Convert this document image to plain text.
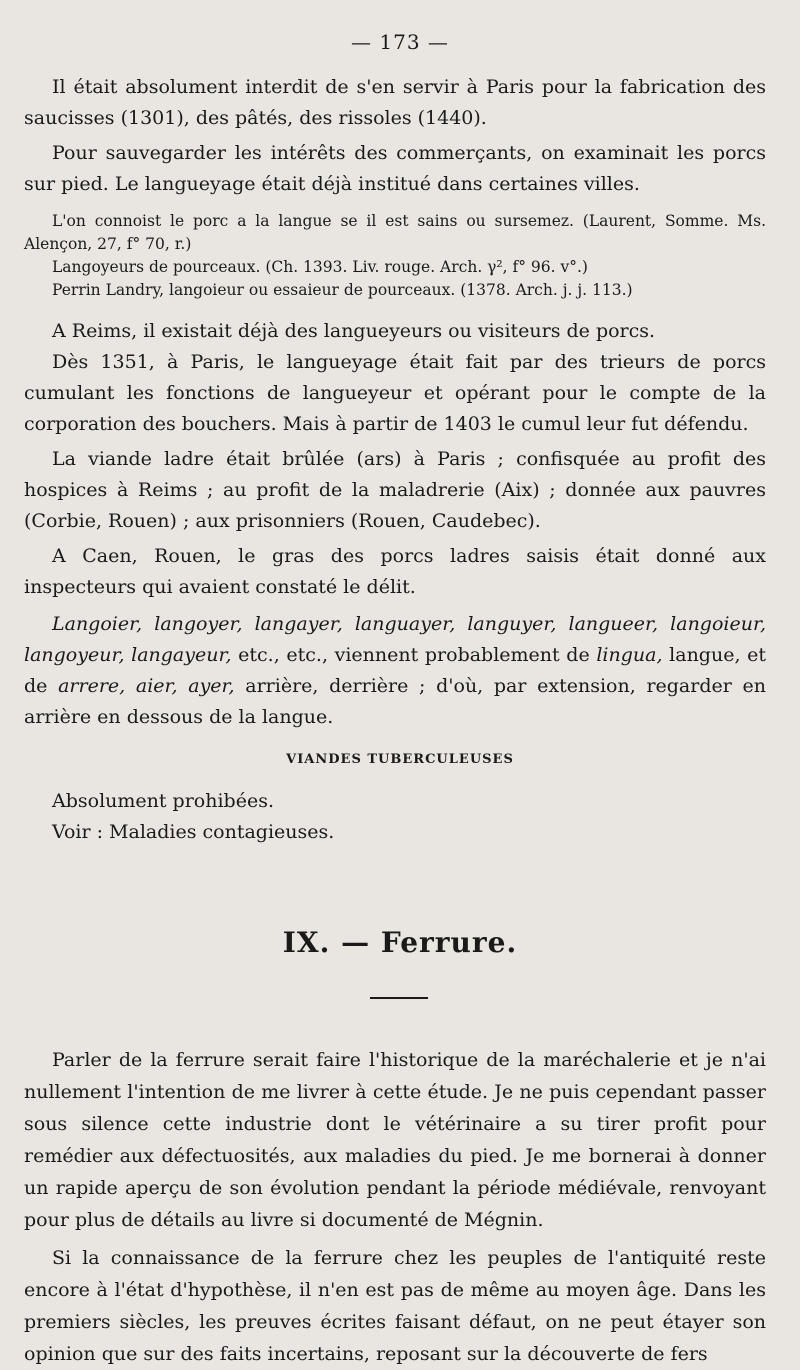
— 173 —

Il était absolument interdit de s'en servir à Paris pour la fabrication des saucisses (1301), des pâtés, des rissoles (1440).

Pour sauvegarder les intérêts des commerçants, on examinait les porcs sur pied. Le langueyage était déjà institué dans certaines villes.

L'on connoist le porc a la langue se il est sains ou sursemez. (Laurent, Somme. Ms. Alençon, 27, f° 70, r.)

Langoyeurs de pourceaux. (Ch. 1393. Liv. rouge. Arch. γ², f° 96. v°.)

Perrin Landry, langoieur ou essaieur de pourceaux. (1378. Arch. j. j. 113.)

A Reims, il existait déjà des langueyeurs ou visiteurs de porcs.

Dès 1351, à Paris, le langueyage était fait par des trieurs de porcs cumulant les fonctions de langueyeur et opérant pour le compte de la corporation des bouchers. Mais à partir de 1403 le cumul leur fut défendu.

La viande ladre était brûlée (ars) à Paris ; confisquée au profit des hospices à Reims ; au profit de la maladrerie (Aix) ; donnée aux pauvres (Corbie, Rouen) ; aux prisonniers (Rouen, Caudebec).

A Caen, Rouen, le gras des porcs ladres saisis était donné aux inspecteurs qui avaient constaté le délit.

Langoier, langoyer, langayer, languayer, languyer, langueer, langoieur, langoyeur, langayeur, etc., etc., viennent probablement de lingua, langue, et de arrere, aier, ayer, arrière, derrière ; d'où, par extension, regarder en arrière en dessous de la langue.

VIANDES TUBERCULEUSES

Absolument prohibées.

Voir : Maladies contagieuses.

IX. — Ferrure.

Parler de la ferrure serait faire l'historique de la maréchalerie et je n'ai nullement l'intention de me livrer à cette étude. Je ne puis cependant passer sous silence cette industrie dont le vétérinaire a su tirer profit pour remédier aux défectuosités, aux maladies du pied. Je me bornerai à donner un rapide aperçu de son évolution pendant la période médiévale, renvoyant pour plus de détails au livre si documenté de Mégnin.

Si la connaissance de la ferrure chez les peuples de l'antiquité reste encore à l'état d'hypothèse, il n'en est pas de même au moyen âge. Dans les premiers siècles, les preuves écrites faisant défaut, on ne peut étayer son opinion que sur des faits incertains, reposant sur la découverte de fers
